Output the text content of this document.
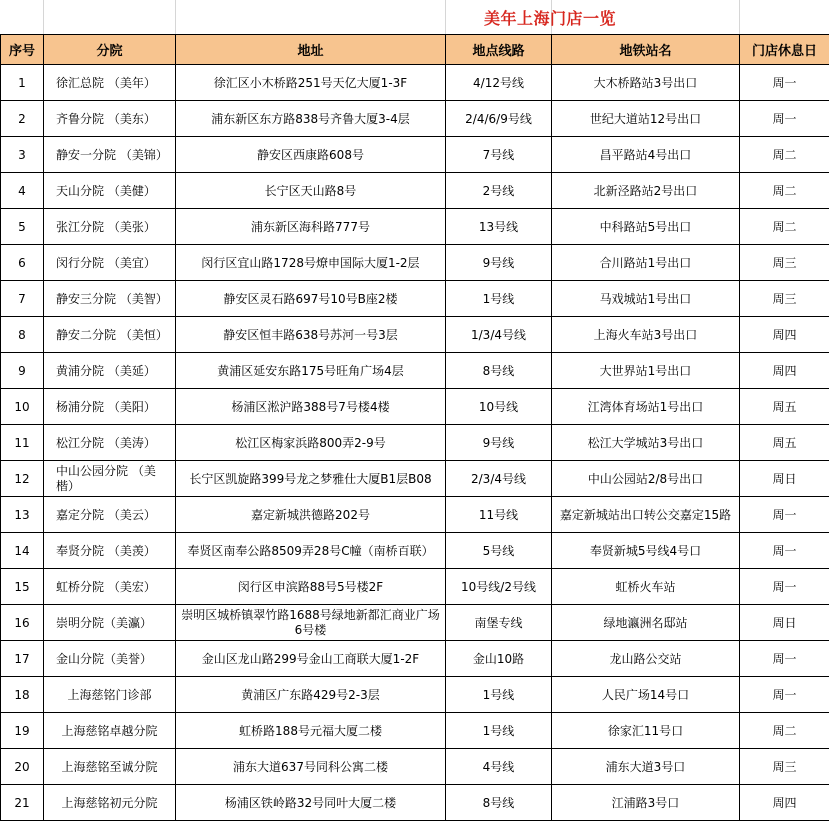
美年上海门店一览
序号	分院	地址	地点线路	地铁站名	门店休息日
1	徐汇总院 （美年）	徐汇区小木桥路251号天亿大厦1-3F	4/12号线	大木桥路站3号出口	周一
2	齐鲁分院 （美东）	浦东新区东方路838号齐鲁大厦3-4层	2/4/6/9号线	世纪大道站12号出口	周一
3	静安一分院 （美锦）	静安区西康路608号	7号线	昌平路站4号出口	周二
4	天山分院 （美健）	长宁区天山路8号	2号线	北新泾路站2号出口	周二
5	张江分院 （美张）	浦东新区海科路777号	13号线	中科路站5号出口	周二
6	闵行分院 （美宜）	闵行区宜山路1728号燎申国际大厦1-2层	9号线	合川路站1号出口	周三
7	静安三分院 （美智）	静安区灵石路697号10号B座2楼	1号线	马戏城站1号出口	周三
8	静安二分院 （美恒）	静安区恒丰路638号苏河一号3层	1/3/4号线	上海火车站3号出口	周四
9	黄浦分院 （美延）	黄浦区延安东路175号旺角广场4层	8号线	大世界站1号出口	周四
10	杨浦分院 （美阳）	杨浦区淞沪路388号7号楼4楼	10号线	江湾体育场站1号出口	周五
11	松江分院 （美涛）	松江区梅家浜路800弄2-9号	9号线	松江大学城站3号出口	周五
12	中山公园分院 （美楷）	长宁区凯旋路399号龙之梦雅仕大厦B1层B08	2/3/4号线	中山公园站2/8号出口	周日
13	嘉定分院 （美云）	嘉定新城洪德路202号	11号线	嘉定新城站出口转公交嘉定15路	周一
14	奉贤分院 （美羡）	奉贤区南奉公路8509弄28号C幢（南桥百联）	5号线	奉贤新城5号线4号口	周一
15	虹桥分院 （美宏）	闵行区申滨路88号5号楼2F	10号线/2号线	虹桥火车站	周一
16	崇明分院（美瀛）	崇明区城桥镇翠竹路1688号绿地新都汇商业广场6号楼	南堡专线	绿地瀛洲名邸站	周日
17	金山分院（美誉）	金山区龙山路299号金山工商联大厦1-2F	金山10路	龙山路公交站	周一
18	上海慈铭门诊部	黄浦区广东路429号2-3层	1号线	人民广场14号口	周一
19	上海慈铭卓越分院	虹桥路188号元福大厦二楼	1号线	徐家汇11号口	周二
20	上海慈铭至诚分院	浦东大道637号同科公寓二楼	4号线	浦东大道3号口	周三
21	上海慈铭初元分院	杨浦区铁岭路32号同叶大厦二楼	8号线	江浦路3号口	周四
